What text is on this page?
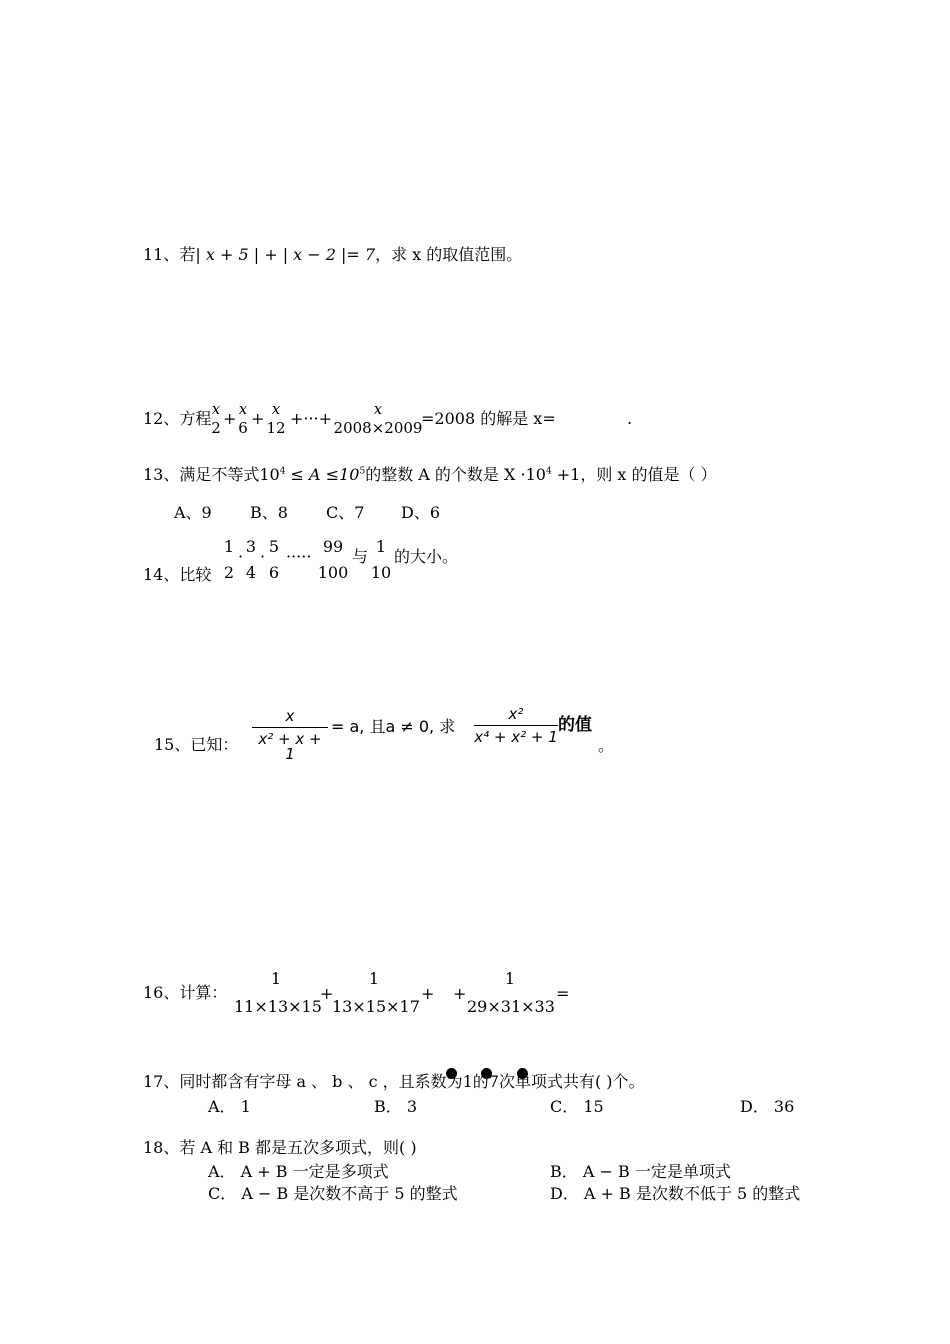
11、若| x + 5 | + | x − 2 |= 7，求 x 的取值范围。
12、方程 x
2 + x
6 + x
12 +···+	x
2008×2009
=2008 的解是 x=	.
13、满足不等式$10^4 \le A \le 10^5$的整数 A 的个数是 $X \cdot 10^4 +1$，则 x 的值是（ ）
A、9 B、8 C、7 D、6
14、比较
1
2
·
3
4
·
5
6
·····
99
100
与
1
10
的大小。
15、已知： $\frac{x}{\text{x² + x + 1}} = a$, 且a ≠ 0, 求 $\frac{\text{x²}}{\text{x⁴ + x² + 1}}$ 的值
。
16、计算：
1
11×13×15
+
1
13×15×17
+ +
1
29×31×33
=
17、同时都含有字母 a 、 b 、 c ，且系数为1的7次单项式共有( )个。
A． 1	B． 3	C． 15	D． 36
18、若 A 和 B 都是五次多项式，则( )
A． A + B 一定是多项式	B． A − B 一定是单项式
C． A − B 是次数不高于 5 的整式	D． A + B 是次数不低于 5 的整式
